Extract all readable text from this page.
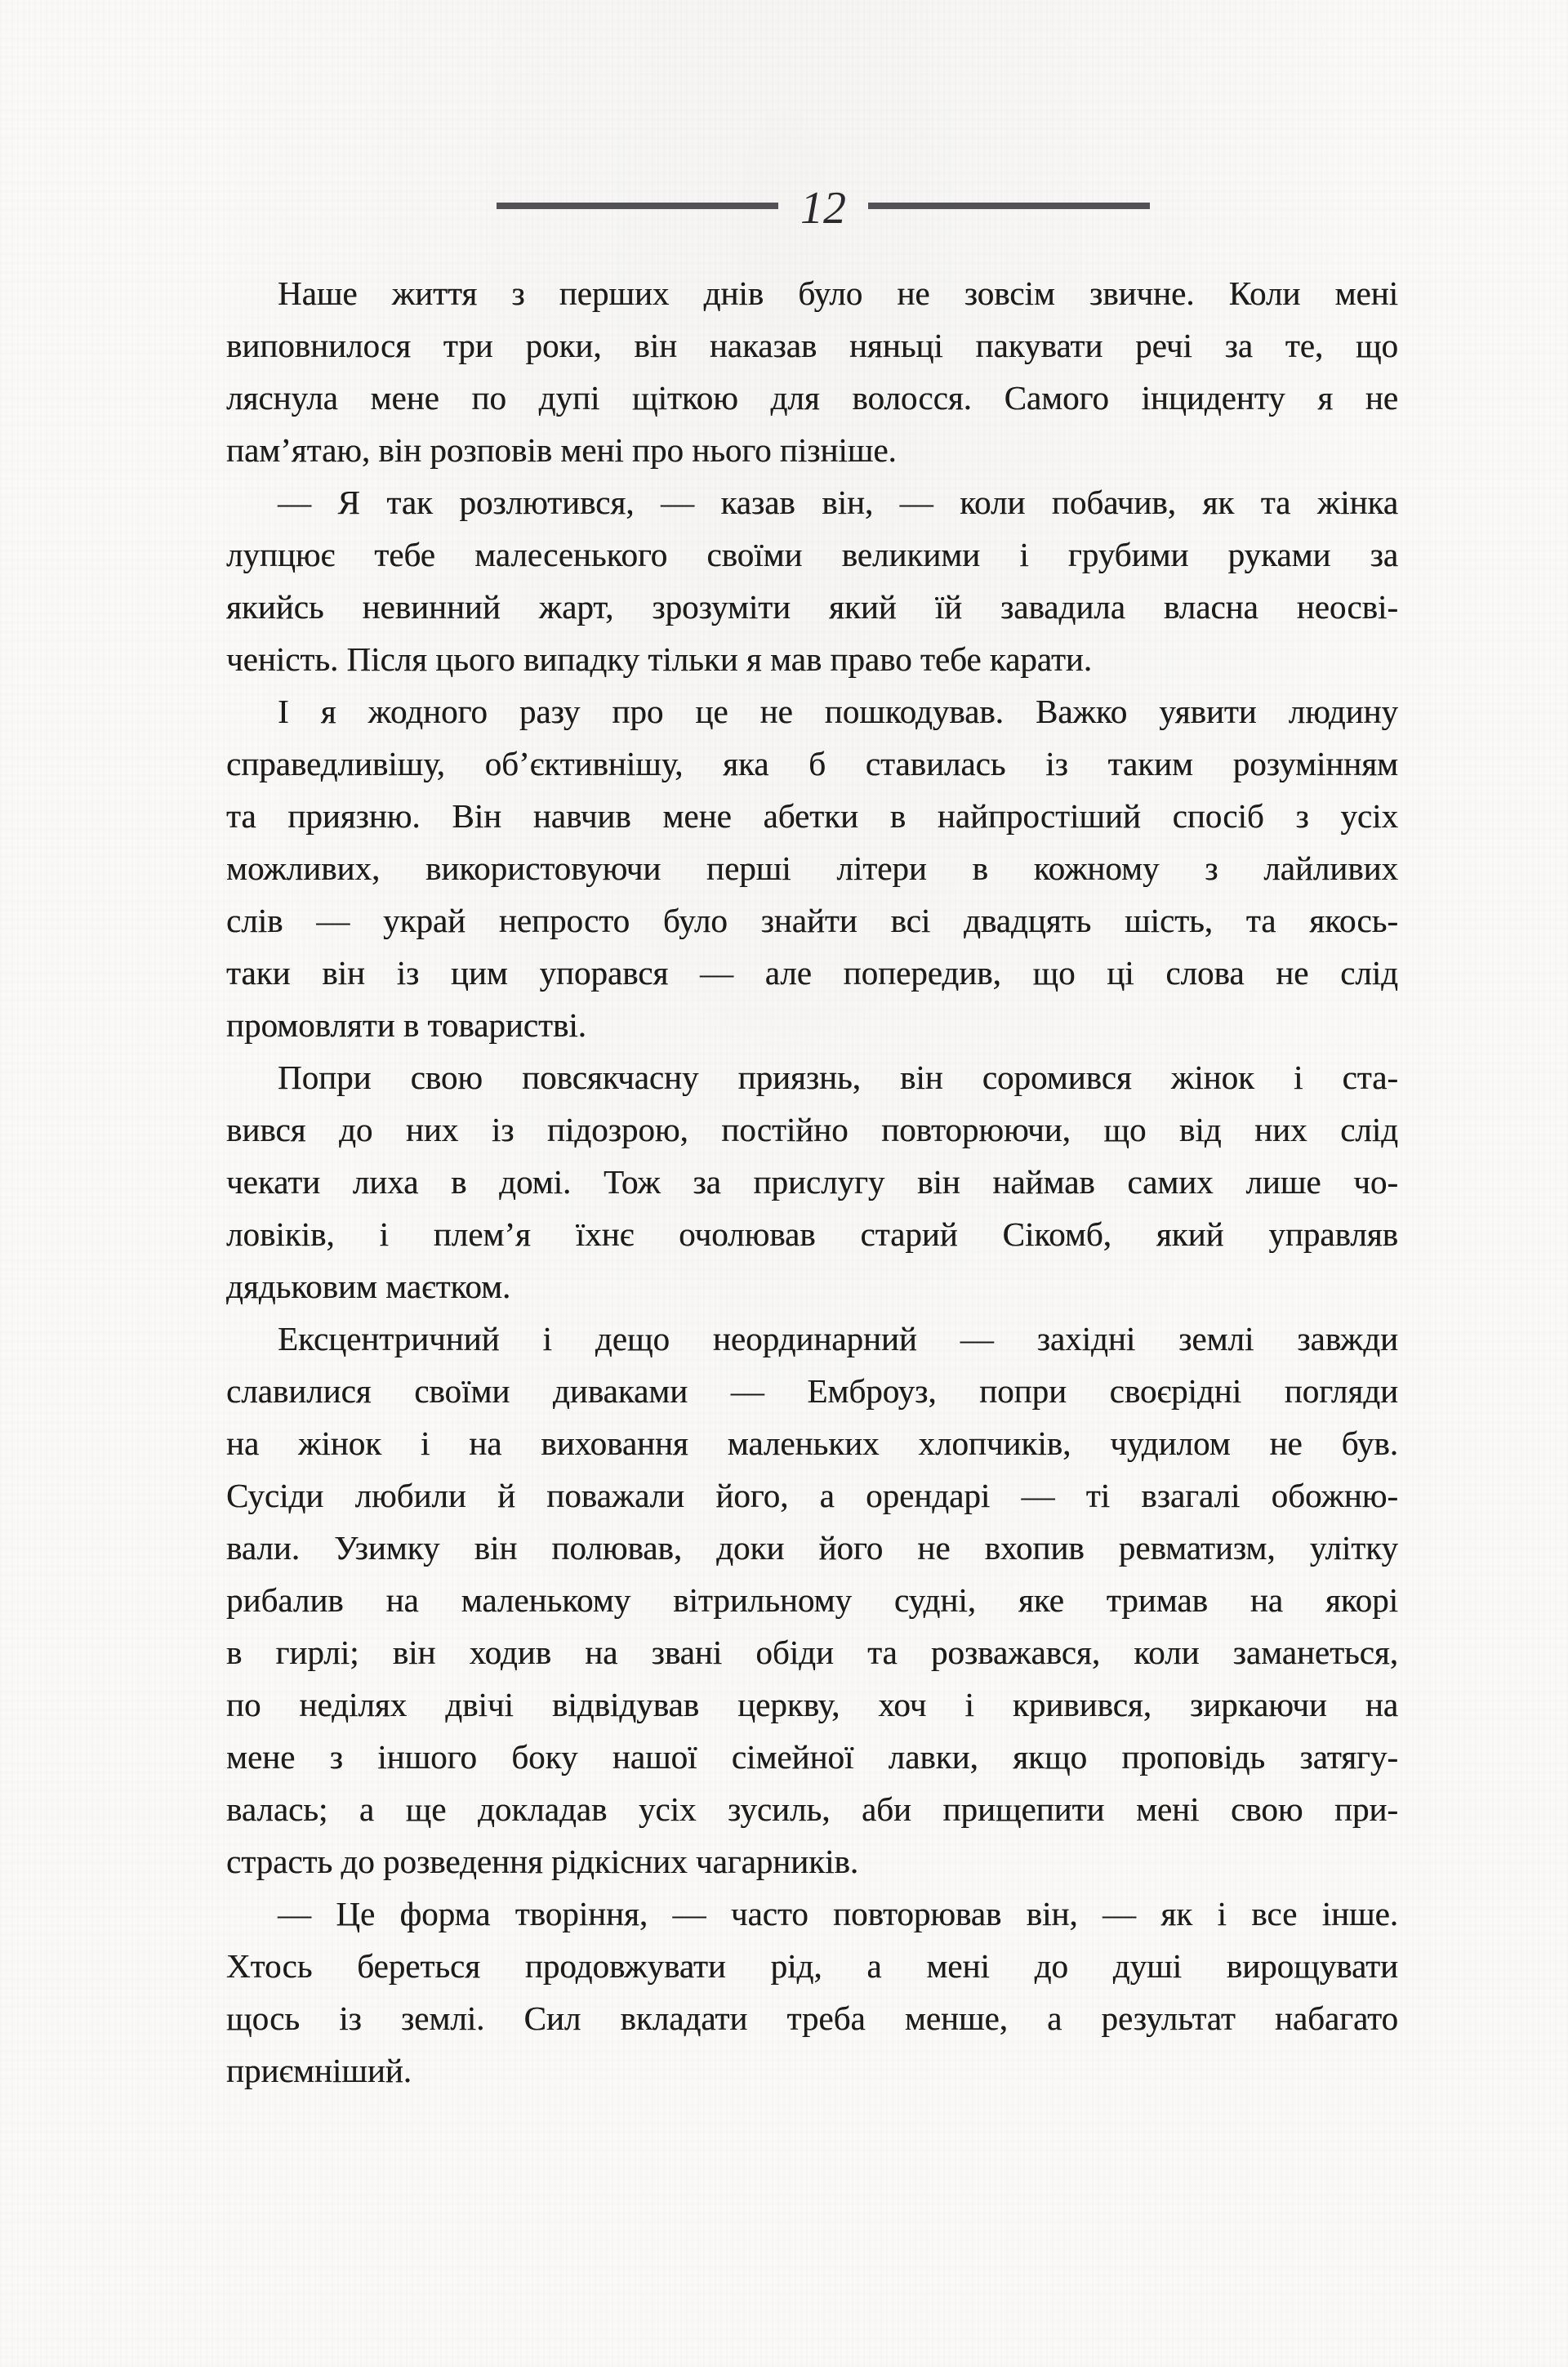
12
Наше життя з перших днів було не зовсім звичне. Коли мені
виповнилося три роки, він наказав няньці пакувати речі за те, що
ляснула мене по дупі щіткою для волосся. Самого інциденту я не
пам’ятаю, він розповів мені про нього пізніше.
— Я так розлютився, — казав він, — коли побачив, як та жінка
лупцює тебе малесенького своїми великими і грубими руками за
якийсь невинний жарт, зрозуміти який їй завадила власна неосві-
ченість. Після цього випадку тільки я мав право тебе карати.
І я жодного разу про це не пошкодував. Важко уявити людину
справедливішу, об’єктивнішу, яка б ставилась із таким розумінням
та приязню. Він навчив мене абетки в найпростіший спосіб з усіх
можливих, використовуючи перші літери в кожному з лайливих
слів — украй непросто було знайти всі двадцять шість, та якось-
таки він із цим упорався — але попередив, що ці слова не слід
промовляти в товаристві.
Попри свою повсякчасну приязнь, він соромився жінок і ста-
вився до них із підозрою, постійно повторюючи, що від них слід
чекати лиха в домі. Тож за прислугу він наймав самих лише чо-
ловіків, і плем’я їхнє очолював старий Сікомб, який управляв
дядьковим маєтком.
Ексцентричний і дещо неординарний — західні землі завжди
славилися своїми диваками — Емброуз, попри своєрідні погляди
на жінок і на виховання маленьких хлопчиків, чудилом не був.
Сусіди любили й поважали його, а орендарі — ті взагалі обожню-
вали. Узимку він полював, доки його не вхопив ревматизм, улітку
рибалив на маленькому вітрильному судні, яке тримав на якорі
в гирлі; він ходив на звані обіди та розважався, коли заманеться,
по неділях двічі відвідував церкву, хоч і кривився, зиркаючи на
мене з іншого боку нашої сімейної лавки, якщо проповідь затягу-
валась; а ще докладав усіх зусиль, аби прищепити мені свою при-
страсть до розведення рідкісних чагарників.
— Це форма творіння, — часто повторював він, — як і все інше.
Хтось береться продовжувати рід, а мені до душі вирощувати
щось із землі. Сил вкладати треба менше, а результат набагато
приємніший.
